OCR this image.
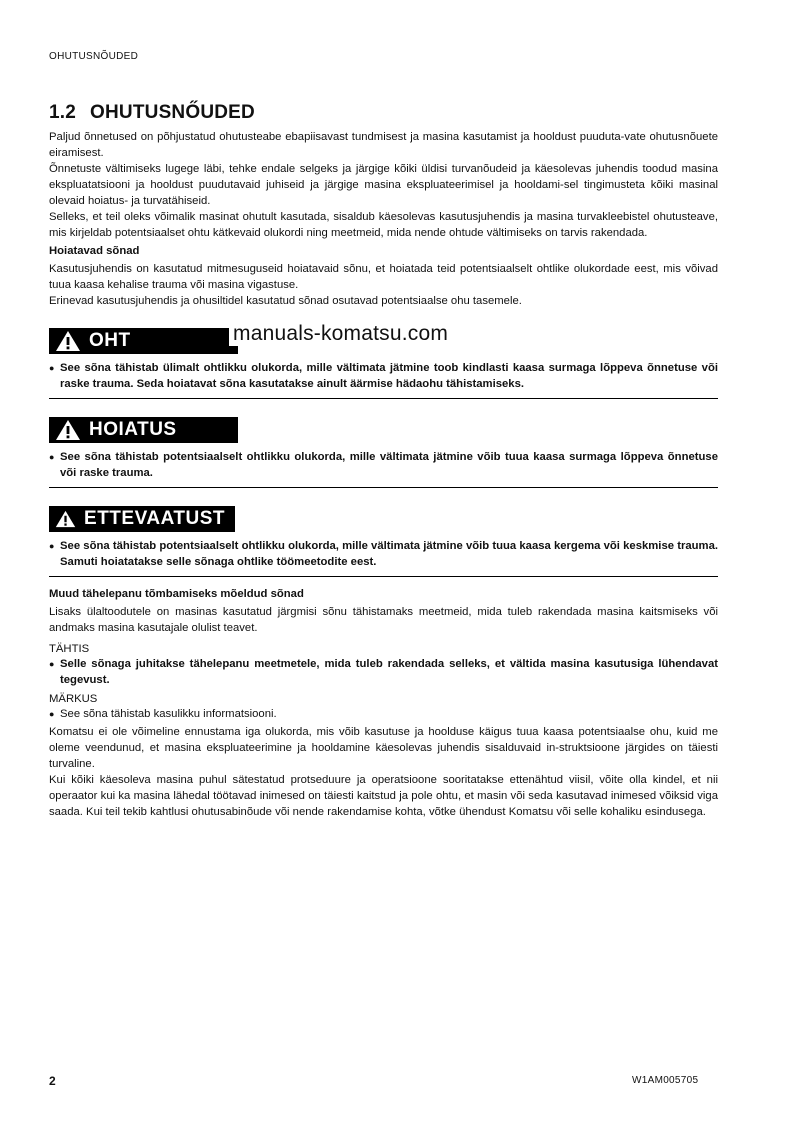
OHUTUSNÕUDED
1.2 OHUTUSNŐUDED

Paljud õnnetused on põhjustatud ohutusteabe ebapiisavast tundmisest ja masina kasutamist ja hooldust puuduta-vate ohutusnõuete eiramisest.

Õnnetuste vältimiseks lugege läbi, tehke endale selgeks ja järgige kõiki üldisi turvanõudeid ja käesolevas juhendis toodud masina ekspluatatsiooni ja hooldust puudutavaid juhiseid ja järgige masina ekspluateerimisel ja hooldami-sel tingimusteta kõiki masinal olevaid hoiatus- ja turvatähiseid.

Selleks, et teil oleks võimalik masinat ohutult kasutada, sisaldub käesolevas kasutusjuhendis ja masina turvakleebistel ohutusteave, mis kirjeldab potentsiaalset ohtu kätkevaid olukordi ning meetmeid, mida nende ohtude vältimiseks on tarvis rakendada.

Hoiatavad sõnad

Kasutusjuhendis on kasutatud mitmesuguseid hoiatavaid sõnu, et hoiatada teid potentsiaalselt ohtlike olukordade eest, mis võivad tuua kaasa kehalise trauma või masina vigastuse.

Erinevad kasutusjuhendis ja ohusiltidel kasutatud sõnad osutavad potentsiaalse ohu tasemele.

OHT
● See sõna tähistab ülimalt ohtlikku olukorda, mille vältimata jätmine toob kindlasti kaasa surmaga lõppeva õnnetuse või raske trauma. Seda hoiatavat sõna kasutatakse ainult äärmise hädaohu tähistamiseks.
HOIATUS
● See sõna tähistab potentsiaalselt ohtlikku olukorda, mille vältimata jätmine võib tuua kaasa surmaga lõppeva õnnetuse või raske trauma.
ETTEVAATUST
● See sõna tähistab potentsiaalselt ohtlikku olukorda, mille vältimata jätmine võib tuua kaasa kergema või keskmise trauma. Samuti hoiatatakse selle sõnaga ohtlike töömeetodite eest.
Muud tähelepanu tõmbamiseks mõeldud sõnad

Lisaks ülaltoodutele on masinas kasutatud järgmisi sõnu tähistamaks meetmeid, mida tuleb rakendada masina kaitsmiseks või andmaks masina kasutajale olulist teavet.

TÄHTIS
● Selle sõnaga juhitakse tähelepanu meetmetele, mida tuleb rakendada selleks, et vältida masina kasutusiga lühendavat tegevust.
MÄRKUS
● See sõna tähistab kasulikku informatsiooni.

Komatsu ei ole võimeline ennustama iga olukorda, mis võib kasutuse ja hoolduse käigus tuua kaasa potentsiaalse ohu, kuid me oleme veendunud, et masina ekspluateerimine ja hooldamine käesolevas juhendis sisalduvaid in-struktsioone järgides on täiesti turvaline.

Kui kõiki käesoleva masina puhul sätestatud protseduure ja operatsioone sooritatakse ettenähtud viisil, võite olla kindel, et nii operaator kui ka masina lähedal töötavad inimesed on täiesti kaitstud ja pole ohtu, et masin või seda kasutavad inimesed võiksid viga saada. Kui teil tekib kahtlusi ohutusabinõude või nende rakendamise kohta, võtke ühendust Komatsu või selle kohaliku esindusega.

manuals-komatsu.com
2	W1AM005705
